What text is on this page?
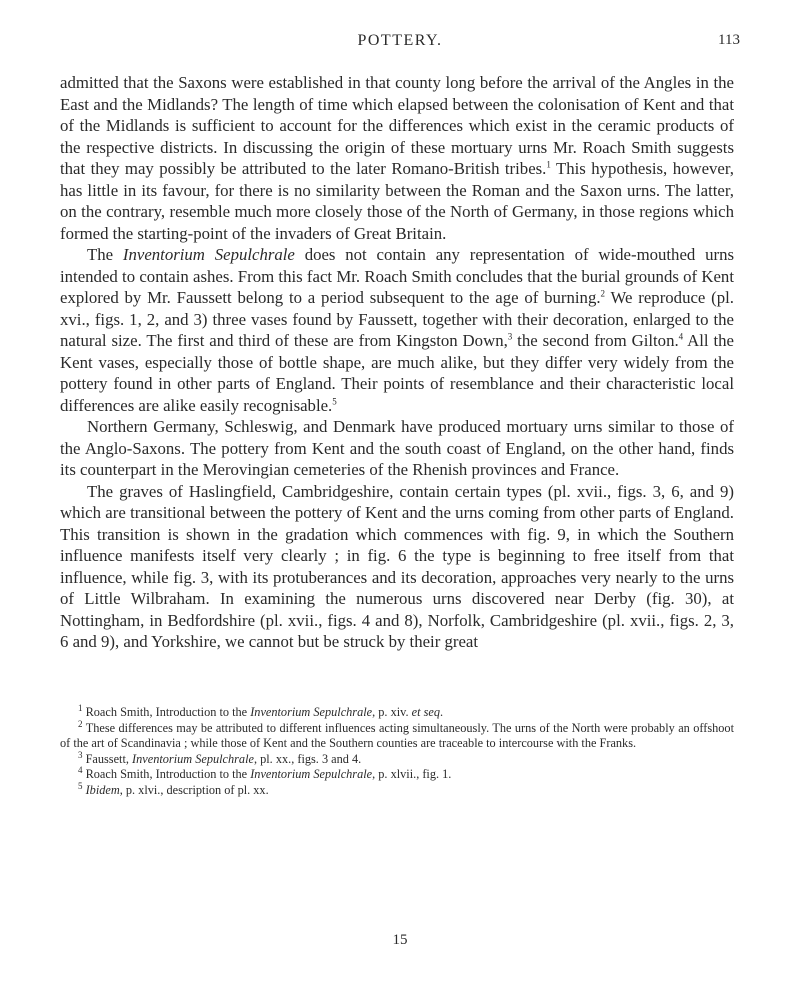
POTTERY.	113

admitted that the Saxons were established in that county long before the arrival of the Angles in the East and the Midlands? The length of time which elapsed between the colonisation of Kent and that of the Midlands is sufficient to account for the differences which exist in the ceramic products of the respective districts. In discussing the origin of these mortuary urns Mr. Roach Smith suggests that they may possibly be attributed to the later Romano-British tribes.$^1$ This hypothesis, however, has little in its favour, for there is no similarity between the Roman and the Saxon urns. The latter, on the contrary, resemble much more closely those of the North of Germany, in those regions which formed the starting-point of the invaders of Great Britain.

The Inventorium Sepulchrale does not contain any representation of wide-mouthed urns intended to contain ashes. From this fact Mr. Roach Smith concludes that the burial grounds of Kent explored by Mr. Faussett belong to a period subsequent to the age of burning.$^2$ We reproduce (pl. xvi., figs. 1, 2, and 3) three vases found by Faussett, together with their decoration, enlarged to the natural size. The first and third of these are from Kingston Down,$^3$ the second from Gilton.$^4$ All the Kent vases, especially those of bottle shape, are much alike, but they differ very widely from the pottery found in other parts of England. Their points of resemblance and their characteristic local differences are alike easily recognisable.$^5$

Northern Germany, Schleswig, and Denmark have produced mortuary urns similar to those of the Anglo-Saxons. The pottery from Kent and the south coast of England, on the other hand, finds its counterpart in the Merovingian cemeteries of the Rhenish provinces and France.

The graves of Haslingfield, Cambridgeshire, contain certain types (pl. xvii., figs. 3, 6, and 9) which are transitional between the pottery of Kent and the urns coming from other parts of England. This transition is shown in the gradation which commences with fig. 9, in which the Southern influence manifests itself very clearly ; in fig. 6 the type is beginning to free itself from that influence, while fig. 3, with its protuberances and its decoration, approaches very nearly to the urns of Little Wilbraham. In examining the numerous urns discovered near Derby (fig. 30), at Nottingham, in Bedfordshire (pl. xvii., figs. 4 and 8), Norfolk, Cambridgeshire (pl. xvii., figs. 2, 3, 6 and 9), and Yorkshire, we cannot but be struck by their great

$^1$ Roach Smith, Introduction to the Inventorium Sepulchrale, p. xiv. et seq.

$^2$ These differences may be attributed to different influences acting simultaneously. The urns of the North were probably an offshoot of the art of Scandinavia ; while those of Kent and the Southern counties are traceable to intercourse with the Franks.

$^3$ Faussett, Inventorium Sepulchrale, pl. xx., figs. 3 and 4.

$^4$ Roach Smith, Introduction to the Inventorium Sepulchrale, p. xlvii., fig. 1.

$^5$ Ibidem, p. xlvi., description of pl. xx.

15
